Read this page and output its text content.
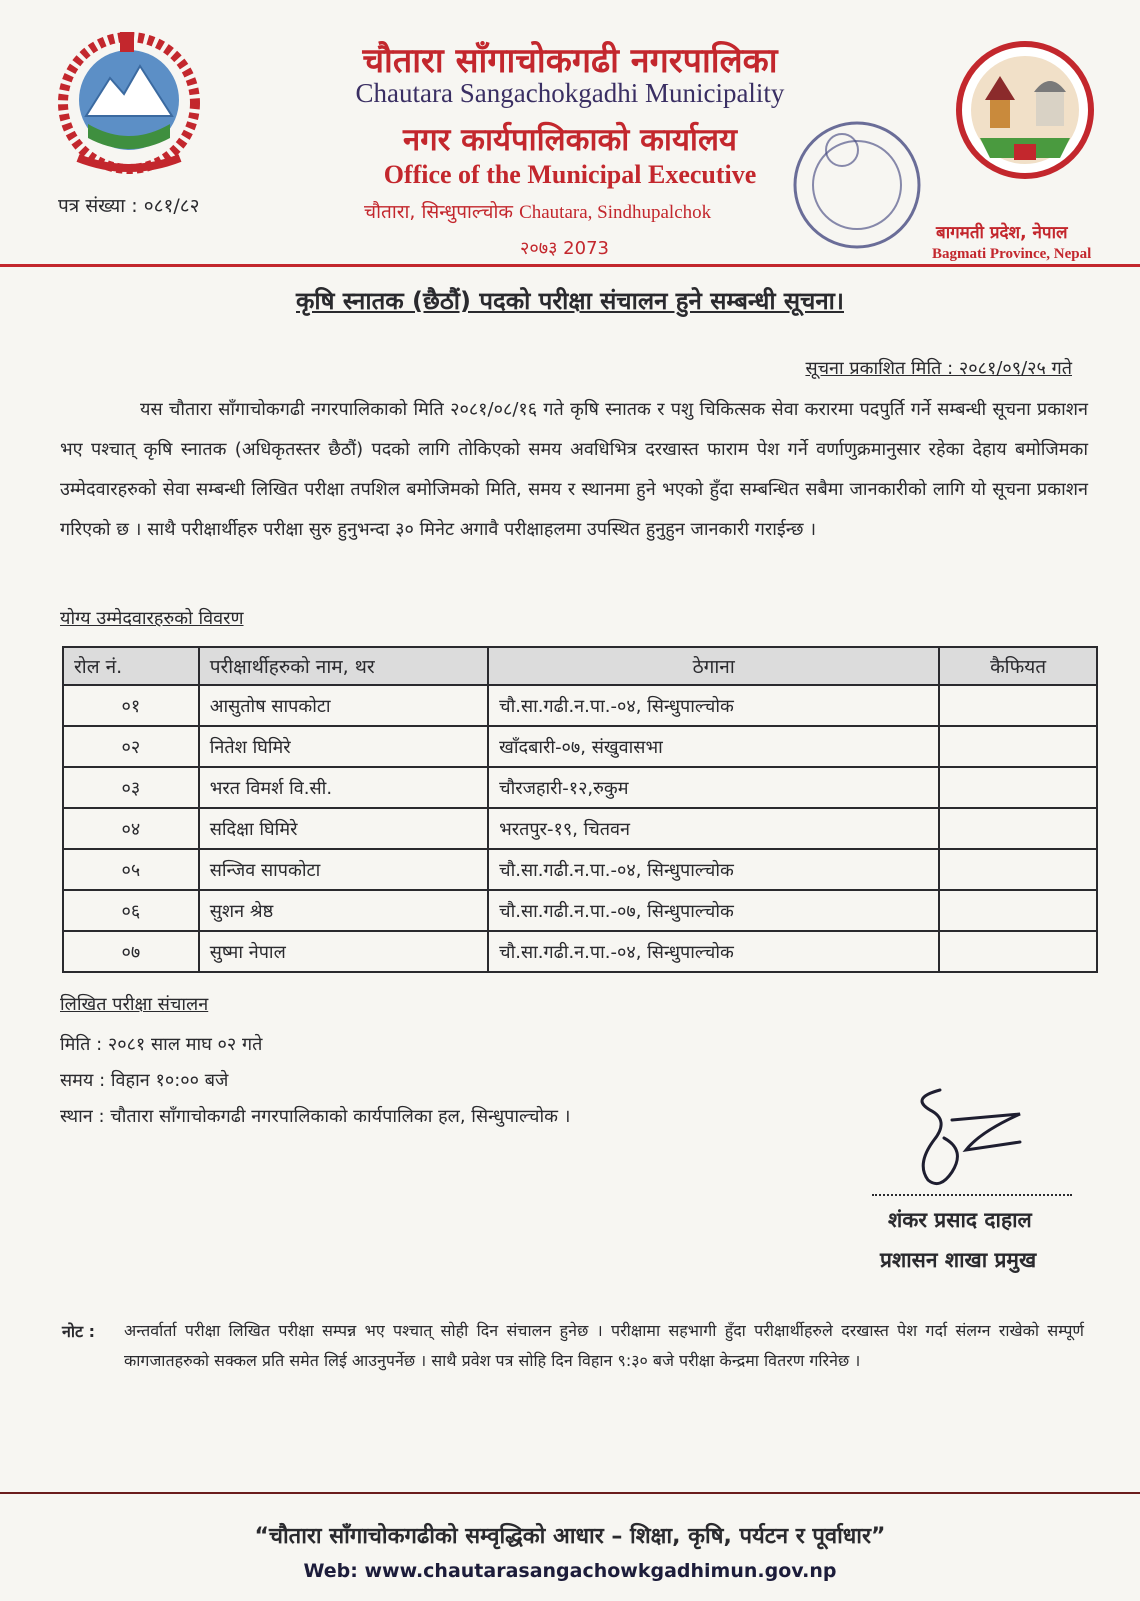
चौतारा साँगाचोकगढी नगरपालिका
Chautara Sangachokgadhi Municipality
नगर कार्यपालिकाको कार्यालय
Office of the Municipal Executive
चौतारा, सिन्धुपाल्चोक Chautara, Sindhupalchok
२०७३ 2073
पत्र संख्या : ०८१/८२
बागमती प्रदेश, नेपाल
Bagmati Province, Nepal
कृषि स्नातक (छैठौं) पदको परीक्षा संचालन हुने सम्बन्धी सूचना।
सूचना प्रकाशित मिति : २०८१/०९/२५ गते
यस चौतारा साँगाचोकगढी नगरपालिकाको मिति २०८१/०८/१६ गते कृषि स्नातक र पशु चिकित्सक सेवा करारमा पदपुर्ति गर्ने सम्बन्धी सूचना प्रकाशन भए पश्चात् कृषि स्नातक (अधिकृतस्तर छैठौं) पदको लागि तोकिएको समय अवधिभित्र दरखास्त फाराम पेश गर्ने वर्णाणुक्रमानुसार रहेका देहाय बमोजिमका उम्मेदवारहरुको सेवा सम्बन्धी लिखित परीक्षा तपशिल बमोजिमको मिति, समय र स्थानमा हुने भएको हुँदा सम्बन्धित सबैमा जानकारीको लागि यो सूचना प्रकाशन गरिएको छ । साथै परीक्षार्थीहरु परीक्षा सुरु हुनुभन्दा ३० मिनेट अगावै परीक्षाहलमा उपस्थित हुनुहुन जानकारी गराईन्छ ।
योग्य उम्मेदवारहरुको विवरण
रोल नं.	परीक्षार्थीहरुको नाम, थर	ठेगाना	कैफियत
०१	आसुतोष सापकोटा	चौ.सा.गढी.न.पा.-०४, सिन्धुपाल्चोक	
०२	नितेश घिमिरे	खाँदबारी-०७, संखुवासभा	
०३	भरत विमर्श वि.सी.	चौरजहारी-१२,रुकुम	
०४	सदिक्षा घिमिरे	भरतपुर-१९, चितवन	
०५	सन्जिव सापकोटा	चौ.सा.गढी.न.पा.-०४, सिन्धुपाल्चोक	
०६	सुशन श्रेष्ठ	चौ.सा.गढी.न.पा.-०७, सिन्धुपाल्चोक	
०७	सुष्मा नेपाल	चौ.सा.गढी.न.पा.-०४, सिन्धुपाल्चोक	
लिखित परीक्षा संचालन
मिति : २०८१ साल माघ ०२ गते
समय : विहान १०:०० बजे
स्थान : चौतारा साँगाचोकगढी नगरपालिकाको कार्यपालिका हल, सिन्धुपाल्चोक ।
शंकर प्रसाद दाहाल
प्रशासन शाखा प्रमुख
नोट : अन्तर्वार्ता परीक्षा लिखित परीक्षा सम्पन्न भए पश्चात् सोही दिन संचालन हुनेछ । परीक्षामा सहभागी हुँदा परीक्षार्थीहरुले दरखास्त पेश गर्दा संलग्न राखेको सम्पूर्ण कागजातहरुको सक्कल प्रति समेत लिई आउनुपर्नेछ । साथै प्रवेश पत्र सोहि दिन विहान ९:३० बजे परीक्षा केन्द्रमा वितरण गरिनेछ ।
“चौतारा साँगाचोकगढीको सम्वृद्धिको आधार – शिक्षा, कृषि, पर्यटन र पूर्वाधार”
Web: www.chautarasangachowkgadhimun.gov.np
